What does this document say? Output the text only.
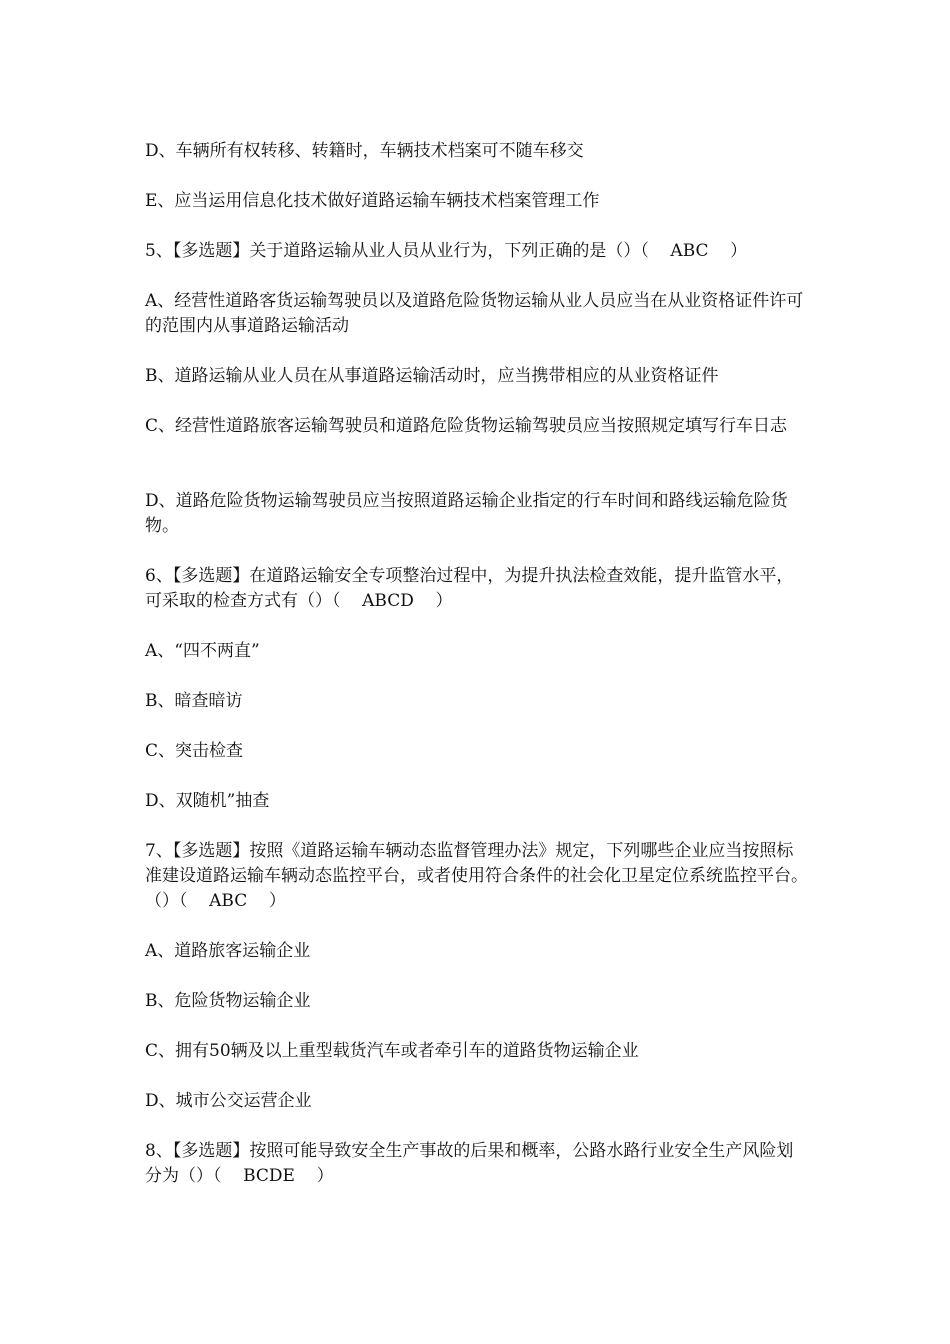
D、车辆所有权转移、转籍时，车辆技术档案可不随车移交

E、应当运用信息化技术做好道路运输车辆技术档案管理工作

5、【多选题】关于道路运输从业人员从业行为，下列正确的是（）（    ABC    ）

A、经营性道路客货运输驾驶员以及道路危险货物运输从业人员应当在从业资格证件许可的范围内从事道路运输活动

B、道路运输从业人员在从事道路运输活动时，应当携带相应的从业资格证件

C、经营性道路旅客运输驾驶员和道路危险货物运输驾驶员应当按照规定填写行车日志

D、道路危险货物运输驾驶员应当按照道路运输企业指定的行车时间和路线运输危险货物。

6、【多选题】在道路运输安全专项整治过程中，为提升执法检查效能，提升监管水平，可采取的检查方式有（）（    ABCD    ）

A、“四不两直”

B、暗查暗访

C、突击检查

D、双随机”抽查

7、【多选题】按照《道路运输车辆动态监督管理办法》规定，下列哪些企业应当按照标准建设道路运输车辆动态监控平台，或者使用符合条件的社会化卫星定位系统监控平台。（）（    ABC    ）

A、道路旅客运输企业

B、危险货物运输企业

C、拥有50辆及以上重型载货汽车或者牵引车的道路货物运输企业

D、城市公交运营企业

8、【多选题】按照可能导致安全生产事故的后果和概率，公路水路行业安全生产风险划分为（）（    BCDE    ）
